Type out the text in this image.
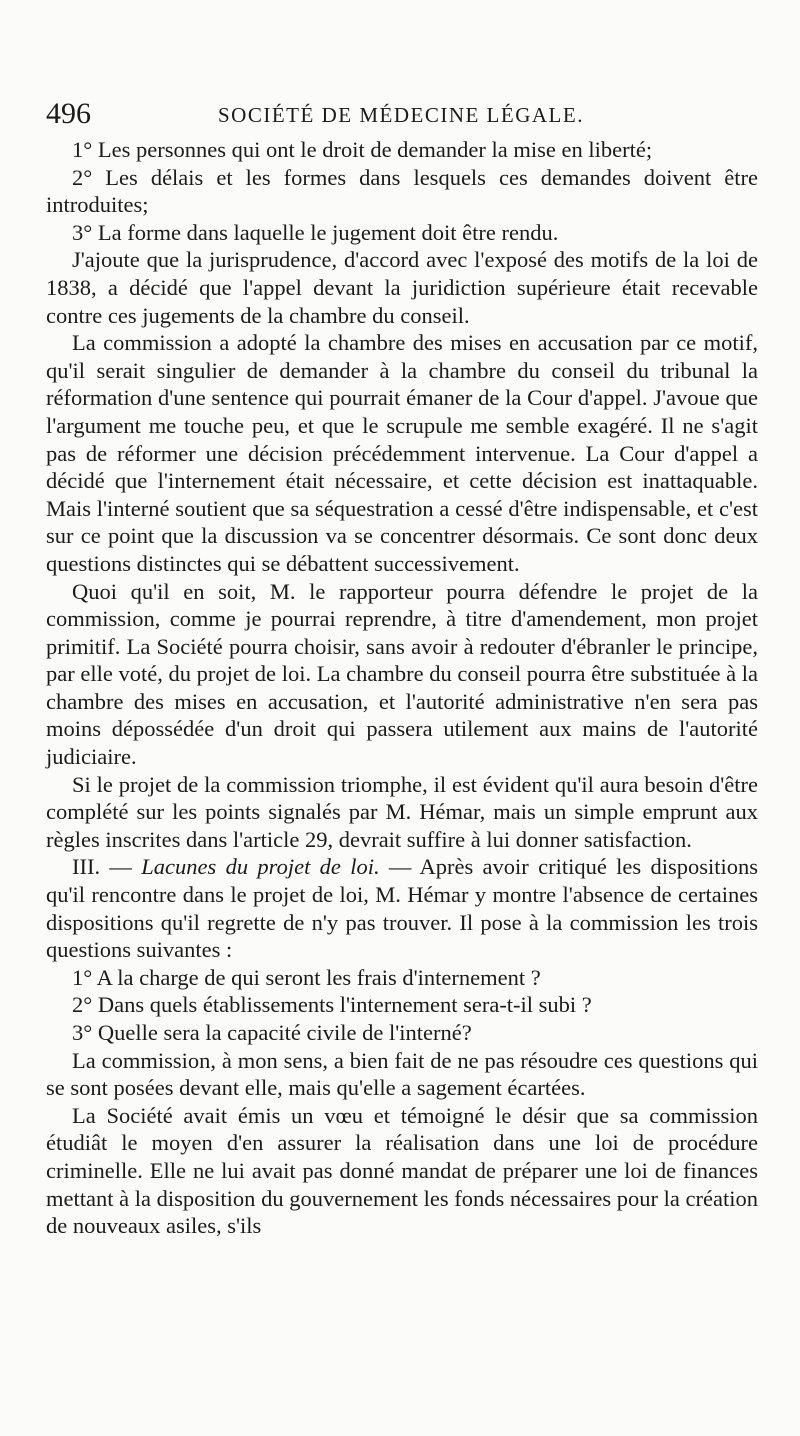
496	SOCIÉTÉ DE MÉDECINE LÉGALE.

1° Les personnes qui ont le droit de demander la mise en liberté;

2° Les délais et les formes dans lesquels ces demandes doivent être introduites;

3° La forme dans laquelle le jugement doit être rendu.

J'ajoute que la jurisprudence, d'accord avec l'exposé des motifs de la loi de 1838, a décidé que l'appel devant la juridiction supérieure était recevable contre ces jugements de la chambre du conseil.

La commission a adopté la chambre des mises en accusation par ce motif, qu'il serait singulier de demander à la chambre du conseil du tribunal la réformation d'une sentence qui pourrait émaner de la Cour d'appel. J'avoue que l'argument me touche peu, et que le scrupule me semble exagéré. Il ne s'agit pas de réformer une décision précédemment intervenue. La Cour d'appel a décidé que l'internement était nécessaire, et cette décision est inattaquable. Mais l'interné soutient que sa séquestration a cessé d'être indispensable, et c'est sur ce point que la discussion va se concentrer désormais. Ce sont donc deux questions distinctes qui se débattent successivement.

Quoi qu'il en soit, M. le rapporteur pourra défendre le projet de la commission, comme je pourrai reprendre, à titre d'amendement, mon projet primitif. La Société pourra choisir, sans avoir à redouter d'ébranler le principe, par elle voté, du projet de loi. La chambre du conseil pourra être substituée à la chambre des mises en accusation, et l'autorité administrative n'en sera pas moins dépossédée d'un droit qui passera utilement aux mains de l'autorité judiciaire.

Si le projet de la commission triomphe, il est évident qu'il aura besoin d'être complété sur les points signalés par M. Hémar, mais un simple emprunt aux règles inscrites dans l'article 29, devrait suffire à lui donner satisfaction.

III. — Lacunes du projet de loi. — Après avoir critiqué les dispositions qu'il rencontre dans le projet de loi, M. Hémar y montre l'absence de certaines dispositions qu'il regrette de n'y pas trouver. Il pose à la commission les trois questions suivantes :

1° A la charge de qui seront les frais d'internement ?

2° Dans quels établissements l'internement sera-t-il subi ?

3° Quelle sera la capacité civile de l'interné?

La commission, à mon sens, a bien fait de ne pas résoudre ces questions qui se sont posées devant elle, mais qu'elle a sagement écartées.

La Société avait émis un vœu et témoigné le désir que sa commission étudiât le moyen d'en assurer la réalisation dans une loi de procédure criminelle. Elle ne lui avait pas donné mandat de préparer une loi de finances mettant à la disposition du gouvernement les fonds nécessaires pour la création de nouveaux asiles, s'ils
